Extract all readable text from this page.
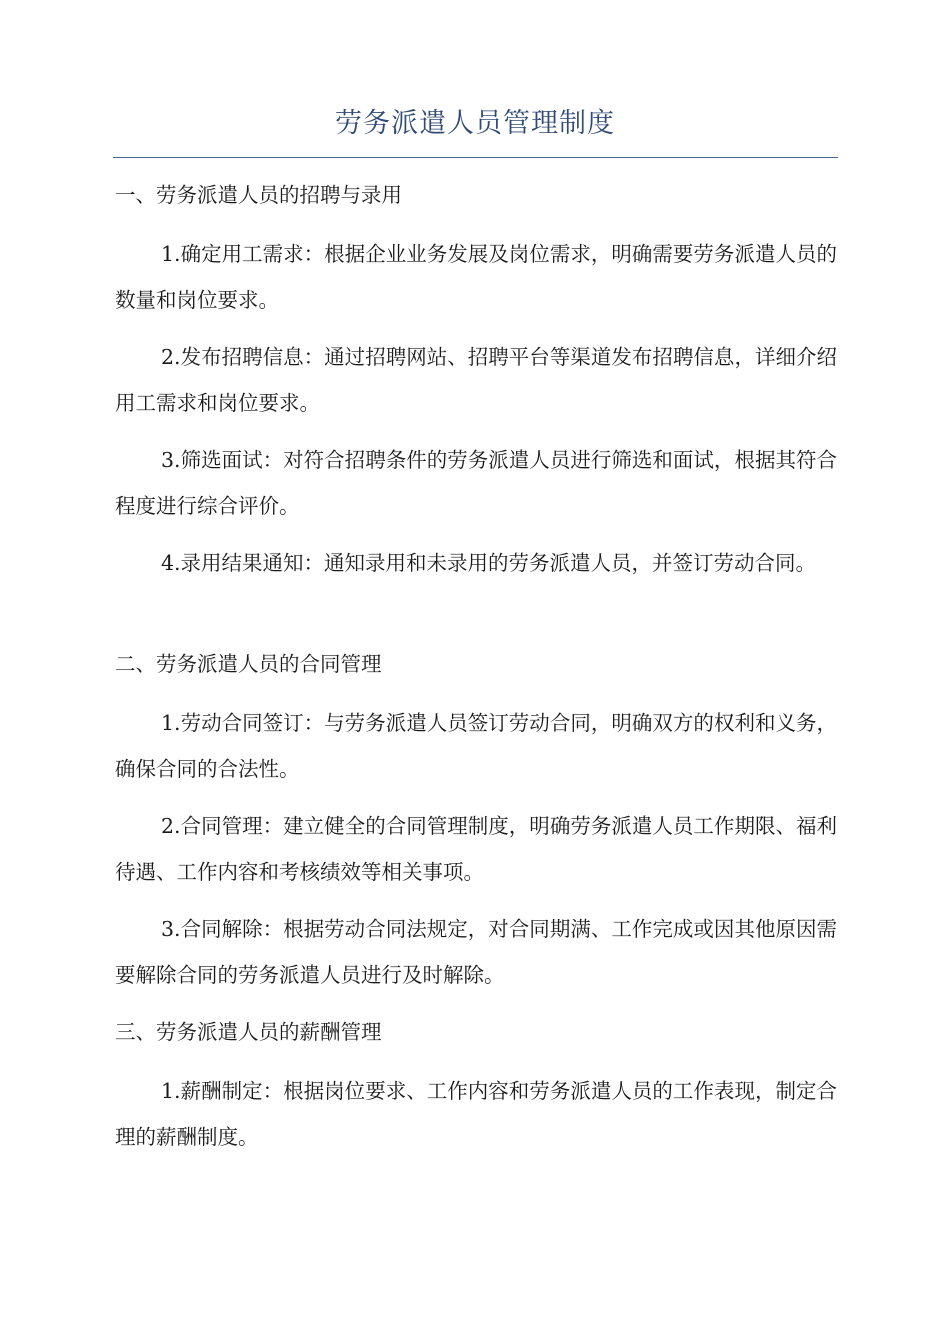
劳务派遣人员管理制度

一、劳务派遣人员的招聘与录用

1.确定用工需求：根据企业业务发展及岗位需求，明确需要劳务派遣人员的数量和岗位要求。

2.发布招聘信息：通过招聘网站、招聘平台等渠道发布招聘信息，详细介绍用工需求和岗位要求。

3.筛选面试：对符合招聘条件的劳务派遣人员进行筛选和面试，根据其符合程度进行综合评价。

4.录用结果通知：通知录用和未录用的劳务派遣人员，并签订劳动合同。

二、劳务派遣人员的合同管理

1.劳动合同签订：与劳务派遣人员签订劳动合同，明确双方的权利和义务，确保合同的合法性。

2.合同管理：建立健全的合同管理制度，明确劳务派遣人员工作期限、福利待遇、工作内容和考核绩效等相关事项。

3.合同解除：根据劳动合同法规定，对合同期满、工作完成或因其他原因需要解除合同的劳务派遣人员进行及时解除。

三、劳务派遣人员的薪酬管理

1.薪酬制定：根据岗位要求、工作内容和劳务派遣人员的工作表现，制定合理的薪酬制度。
